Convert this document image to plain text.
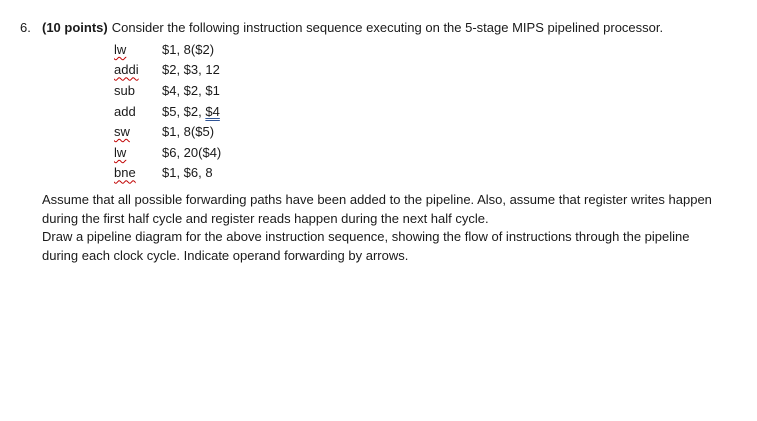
6. (10 points) Consider the following instruction sequence executing on the 5-stage MIPS pipelined processor.
lw	$1, 8($2)
addi	$2, $3, 12
sub	$4, $2, $1
add	$5, $2, $4
sw	$1, 8($5)
lw	$6, 20($4)
bne	$1, $6, 8
Assume that all possible forwarding paths have been added to the pipeline. Also, assume that register writes happen
during the first half cycle and register reads happen during the next half cycle.
Draw a pipeline diagram for the above instruction sequence, showing the flow of instructions through the pipeline
during each clock cycle. Indicate operand forwarding by arrows.
